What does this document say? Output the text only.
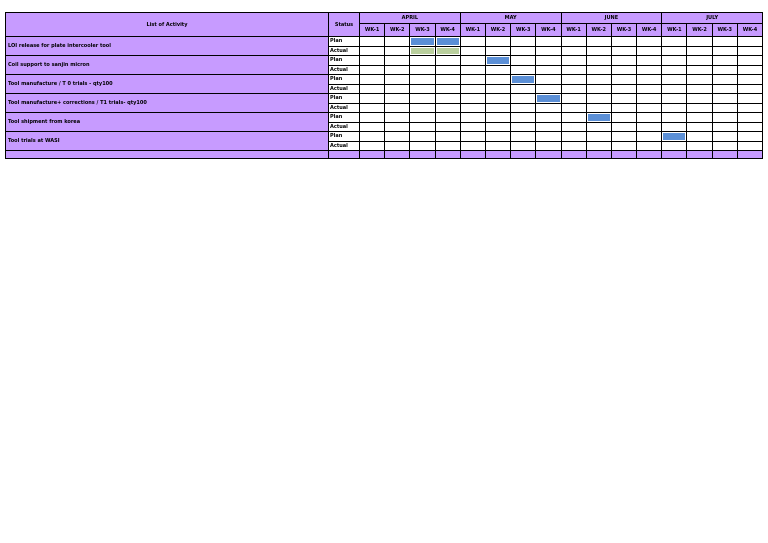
List of Activity	Status	APRIL				MAY				JUNE				JULY			
		WK-1	WK-2	WK-3	WK-4	WK-1	WK-2	WK-3	WK-4	WK-1	WK-2	WK-3	WK-4	WK-1	WK-2	WK-3	WK-4
LOI release for plate intercooler tool	Plan			

	Actual			

Coil support to sanjin micron	Plan						

	Actual																
Tool manufacture / T 0 trials - qty100	Plan							

	Actual																
Tool manufacture+ corrections / T1 trials- qty100	Plan								

	Actual																
Tool shipment from korea	Plan										

	Actual																
Tool trials at WASI	Plan													

	Actual																
